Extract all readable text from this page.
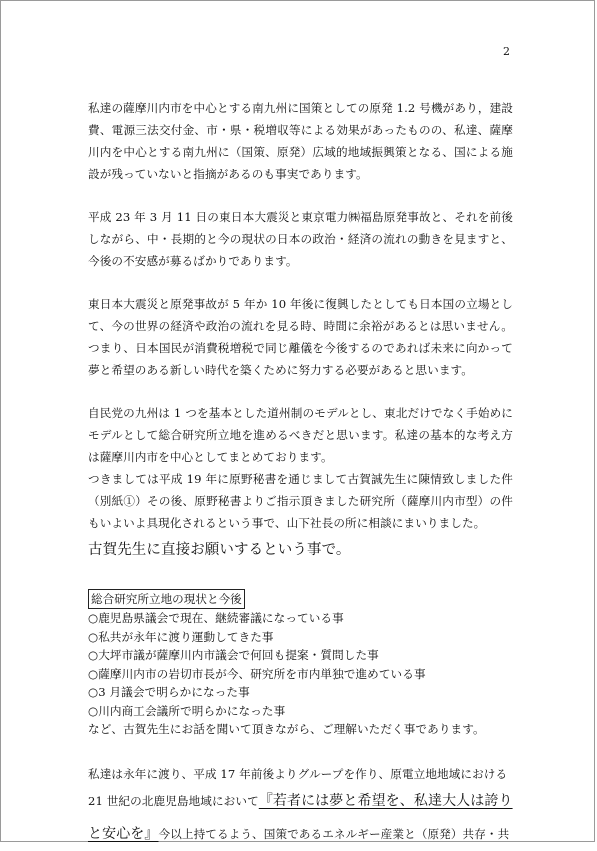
2

私達の薩摩川内市を中心とする南九州に国策としての原発 1.2 号機があり，建設費、電源三法交付金、市・県・税増収等による効果があったものの、私達、薩摩川内を中心とする南九州に（国策、原発）広域的地域振興策となる、国による施設が残っていないと指摘があるのも事実であります。

平成 23 年 3 月 11 日の東日本大震災と東京電力㈱福島原発事故と、それを前後しながら、中・長期的と今の現状の日本の政治・経済の流れの動きを見ますと、今後の不安感が募るばかりであります。

東日本大震災と原発事故が 5 年か 10 年後に復興したとしても日本国の立場として、今の世界の経済や政治の流れを見る時、時間に余裕があるとは思いません。つまり、日本国民が消費税増税で同じ離儀を今後するのであれば未来に向かって夢と希望のある新しい時代を築くために努力する必要があると思います。

自民党の九州は 1 つを基本とした道州制のモデルとし、東北だけでなく手始めにモデルとして総合研究所立地を進めるべきだと思います。私達の基本的な考え方は薩摩川内市を中心としてまとめております。

つきましては平成 19 年に原野秘書を通じまして古賀誠先生に陳情致しました件（別紙①）その後、原野秘書よりご指示頂きました研究所（薩摩川内市型）の件もいよいよ具現化されるという事で、山下社長の所に相談にまいりました。

古賀先生に直接お願いするという事で。

総合研究所立地の現状と今後
○鹿児島県議会で現在、継続審議になっている事
○私共が永年に渡り運動してきた事
○大坪市議が薩摩川内市議会で何回も提案・質問した事
○薩摩川内市の岩切市長が今、研究所を市内単独で進めている事
○3 月議会で明らかになった事
○川内商工会議所で明らかになった事
など、古賀先生にお話を聞いて頂きながら、ご理解いただく事であります。
私達は永年に渡り、平成 17 年前後よりグループを作り、原電立地地域における
21 世紀の北鹿児島地域において『若者には夢と希望を、私達大人は誇り
と安心を』今以上持てるよう、国策であるエネルギー産業と（原発）共存・共
